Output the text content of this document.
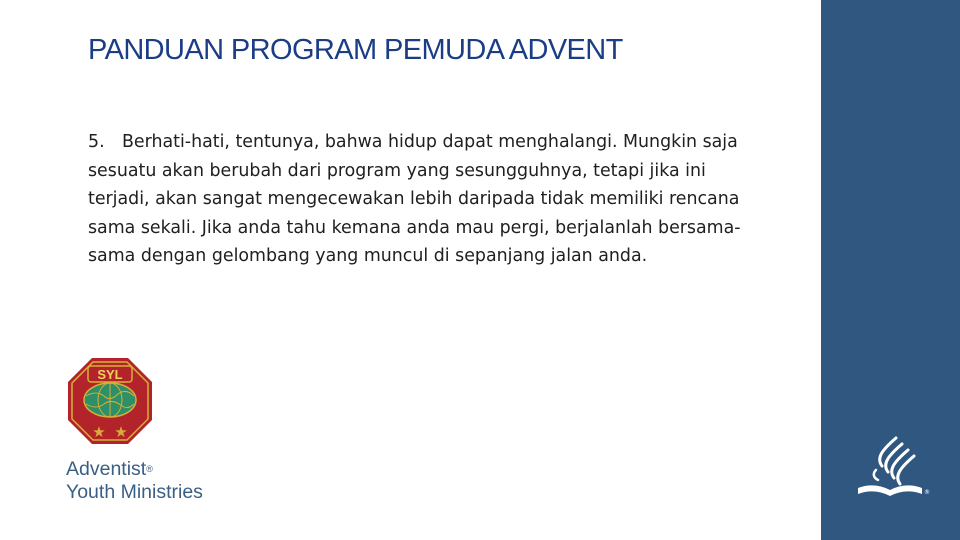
PANDUAN PROGRAM PEMUDA ADVENT
5. Berhati-hati, tentunya, bahwa hidup dapat menghalangi. Mungkin saja sesuatu akan berubah dari program yang sesungguhnya, tetapi jika ini terjadi, akan sangat mengecewakan lebih daripada tidak memiliki rencana sama sekali. Jika anda tahu kemana anda mau pergi, berjalanlah bersama-sama dengan gelombang yang muncul di sepanjang jalan anda.
SYL
★ ★
Adventist®
Youth Ministries	®
